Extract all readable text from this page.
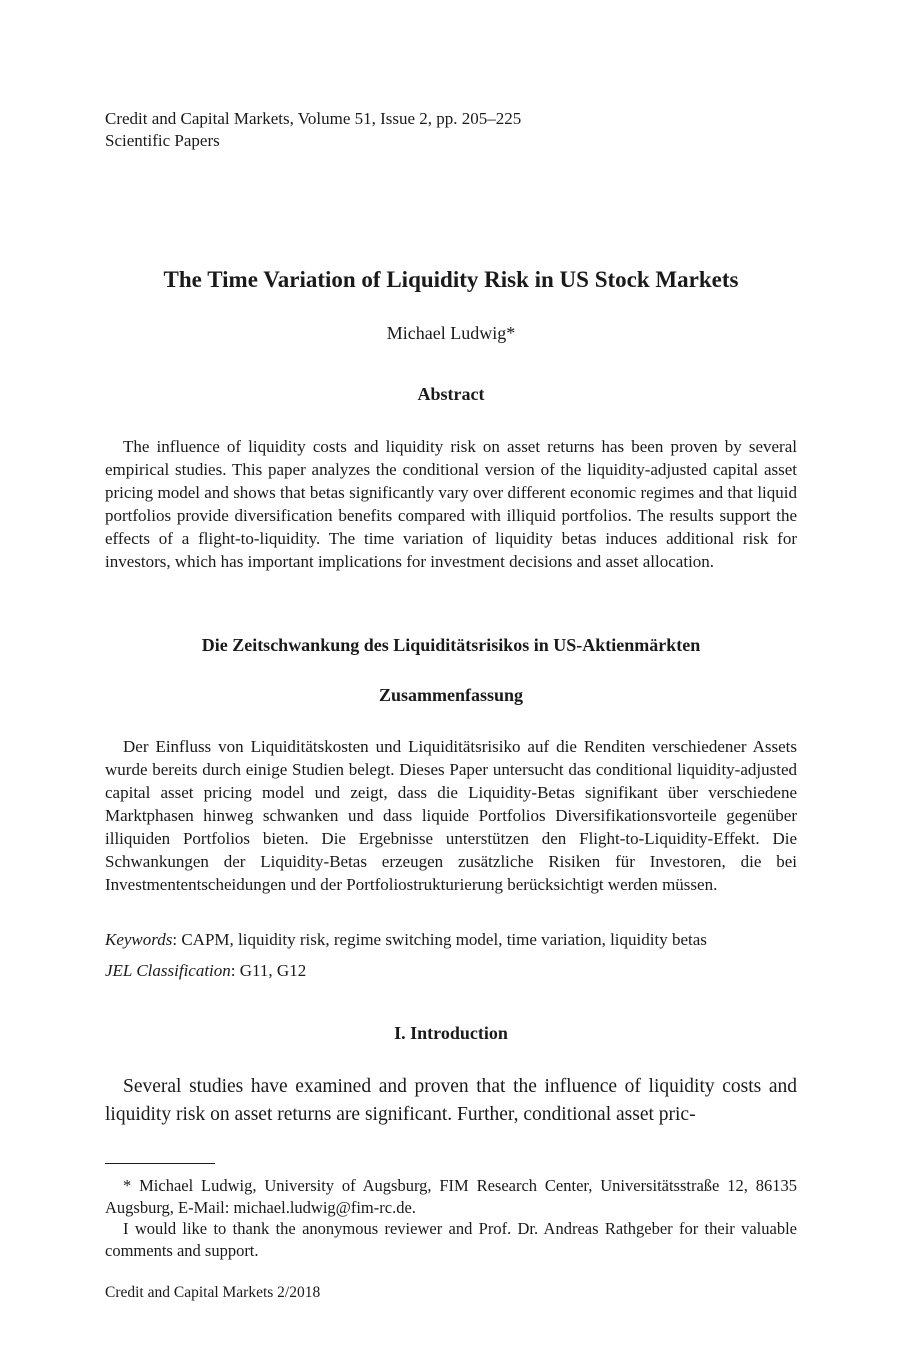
Credit and Capital Markets, Volume 51, Issue 2, pp. 205–225
Scientific Papers
The Time Variation of Liquidity Risk in US Stock Markets
Michael Ludwig*
Abstract
The influence of liquidity costs and liquidity risk on asset returns has been proven by several empirical studies. This paper analyzes the conditional version of the liquidity-adjusted capital asset pricing model and shows that betas significantly vary over different economic regimes and that liquid portfolios provide diversification benefits compared with illiquid portfolios. The results support the effects of a flight-to-liquidity. The time variation of liquidity betas induces additional risk for investors, which has important implications for investment decisions and asset allocation.
Die Zeitschwankung des Liquiditätsrisikos in US-Aktienmärkten
Zusammenfassung
Der Einfluss von Liquiditätskosten und Liquiditätsrisiko auf die Renditen verschiedener Assets wurde bereits durch einige Studien belegt. Dieses Paper untersucht das conditional liquidity-adjusted capital asset pricing model und zeigt, dass die Liquidity-Betas signifikant über verschiedene Marktphasen hinweg schwanken und dass liquide Portfolios Diversifikationsvorteile gegenüber illiquiden Portfolios bieten. Die Ergebnisse unterstützen den Flight-to-Liquidity-Effekt. Die Schwankungen der Liquidity-Betas erzeugen zusätzliche Risiken für Investoren, die bei Investmententscheidungen und der Portfoliostrukturierung berücksichtigt werden müssen.
Keywords: CAPM, liquidity risk, regime switching model, time variation, liquidity betas
JEL Classification: G11, G12
I. Introduction
Several studies have examined and proven that the influence of liquidity costs and liquidity risk on asset returns are significant. Further, conditional asset pric-
* Michael Ludwig, University of Augsburg, FIM Research Center, Universitätsstraße 12, 86135 Augsburg, E-Mail: michael.ludwig@fim-rc.de.
I would like to thank the anonymous reviewer and Prof. Dr. Andreas Rathgeber for their valuable comments and support.
Credit and Capital Markets 2/2018
